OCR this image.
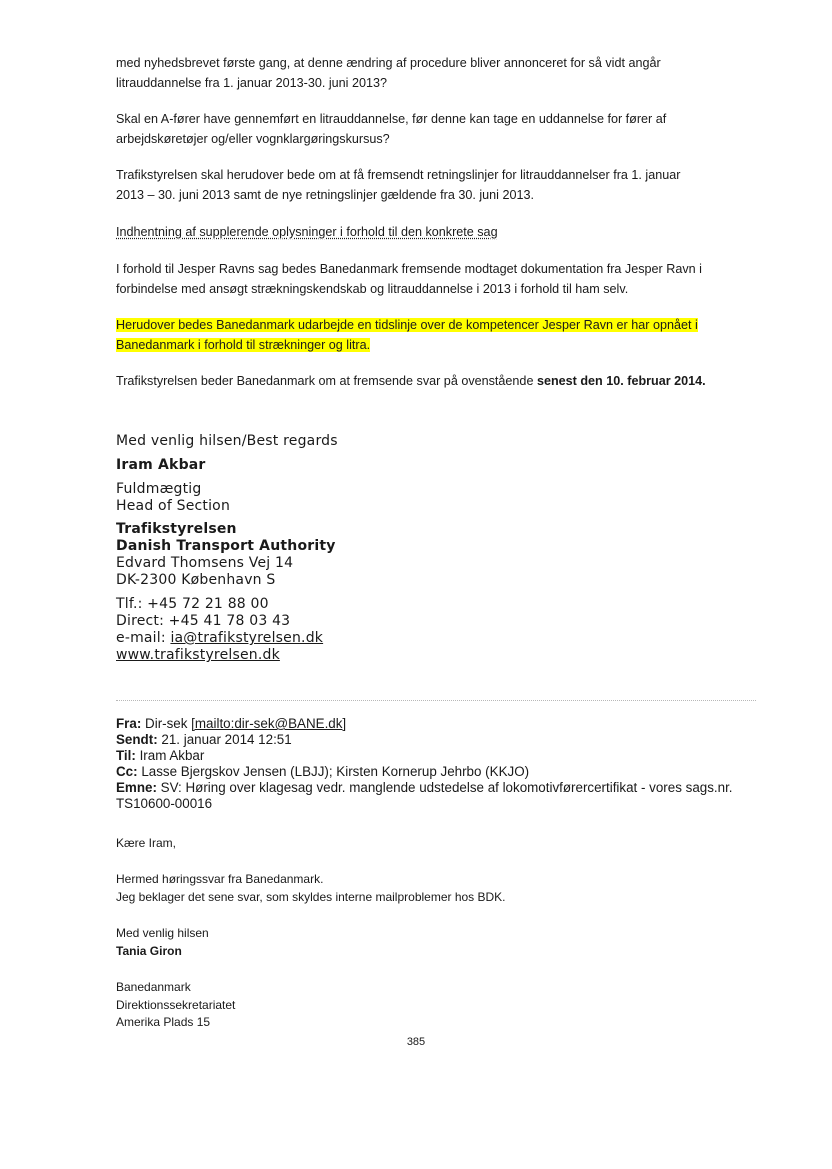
med nyhedsbrevet første gang, at denne ændring af procedure bliver annonceret for så vidt angår
litrauddannelse fra 1. januar 2013-30. juni 2013?

Skal en A-fører have gennemført en litrauddannelse, før denne kan tage en uddannelse for fører af
arbejdskøretøjer og/eller vognklargøringskursus?

Trafikstyrelsen skal herudover bede om at få fremsendt retningslinjer for litrauddannelser fra 1. januar
2013 – 30. juni 2013 samt de nye retningslinjer gældende fra 30. juni 2013.

Indhentning af supplerende oplysninger i forhold til den konkrete sag

I forhold til Jesper Ravns sag bedes Banedanmark fremsende modtaget dokumentation fra Jesper Ravn i
forbindelse med ansøgt strækningskendskab og litrauddannelse i 2013 i forhold til ham selv.

Herudover bedes Banedanmark udarbejde en tidslinje over de kompetencer Jesper Ravn er har opnået i
Banedanmark i forhold til strækninger og litra.

Trafikstyrelsen beder Banedanmark om at fremsende svar på ovenstående senest den 10. februar 2014.

Med venlig hilsen/Best regards

Iram Akbar

Fuldmægtig
Head of Section

Trafikstyrelsen
Danish Transport Authority
Edvard Thomsens Vej 14
DK-2300 København S

Tlf.: +45 72 21 88 00
Direct: +45 41 78 03 43
e-mail: ia@trafikstyrelsen.dk
www.trafikstyrelsen.dk

Fra: Dir-sek [mailto:dir-sek@BANE.dk]
Sendt: 21. januar 2014 12:51
Til: Iram Akbar
Cc: Lasse Bjergskov Jensen (LBJJ); Kirsten Kornerup Jehrbo (KKJO)
Emne: SV: Høring over klagesag vedr. manglende udstedelse af lokomotivførercertifikat - vores sags.nr.
TS10600-00016

Kære Iram,

Hermed høringssvar fra Banedanmark.
Jeg beklager det sene svar, som skyldes interne mailproblemer hos BDK.

Med venlig hilsen
Tania Giron

Banedanmark
Direktionssekretariatet
Amerika Plads 15

385
